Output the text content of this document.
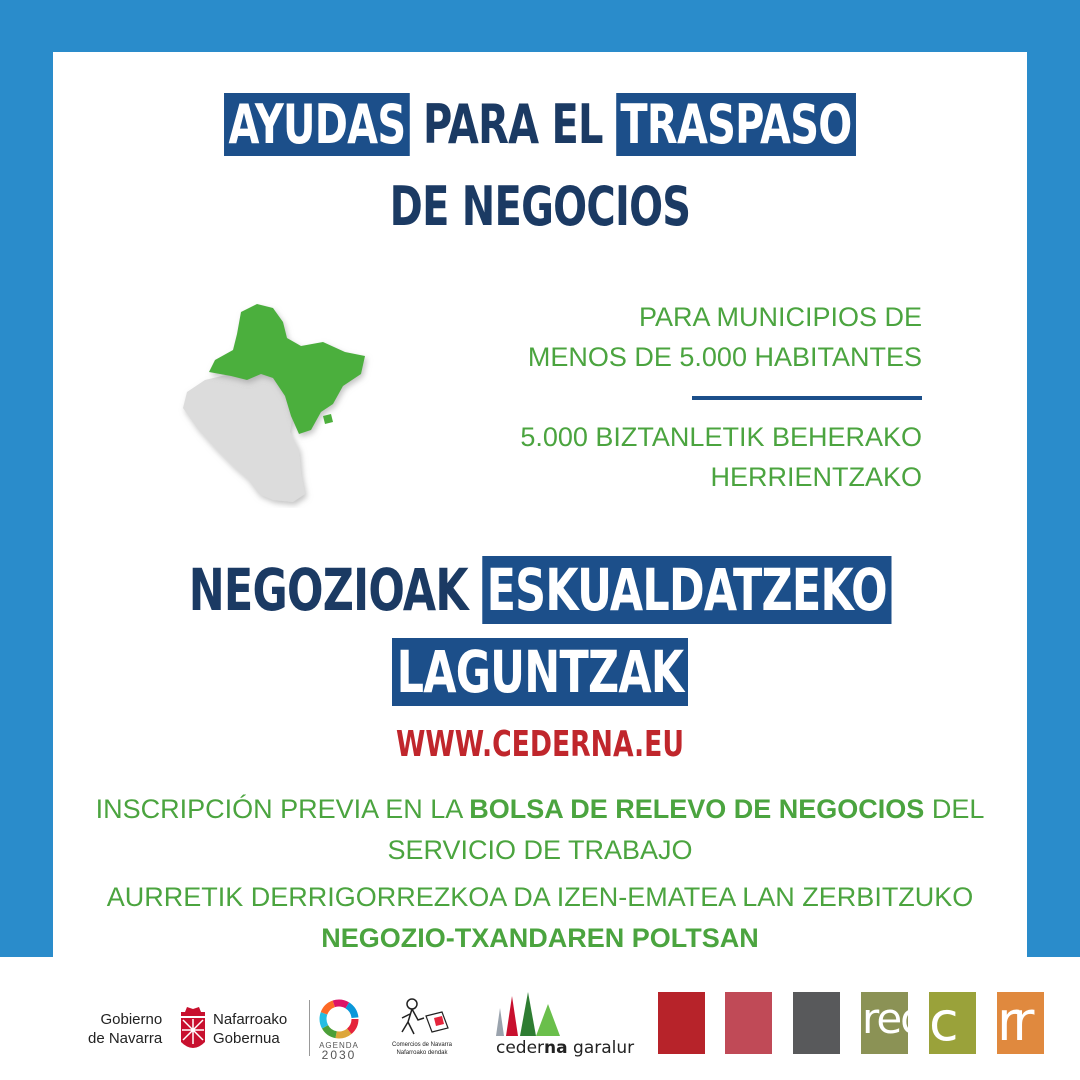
AYUDAS PARA EL TRASPASO
DE NEGOCIOS
PARA MUNICIPIOS DE
MENOS DE 5.000 HABITANTES
5.000 BIZTANLETIK BEHERAKO
HERRIENTZAKO
NEGOZIOAK ESKUALDATZEKO
LAGUNTZAK
WWW.CEDERNA.EU
INSCRIPCIÓN PREVIA EN LA BOLSA DE RELEVO DE NEGOCIOS DEL
SERVICIO DE TRABAJO
AURRETIK DERRIGORREZKOA DA IZEN-EMATEA LAN ZERBITZUKO
NEGOZIO-TXANDAREN POLTSAN
Gobierno
de Navarra
Nafarroako
Gobernua	AGENDA
2030
Comercios de Navarra
Nafarroako dendak	cederna garalur
red c rr
